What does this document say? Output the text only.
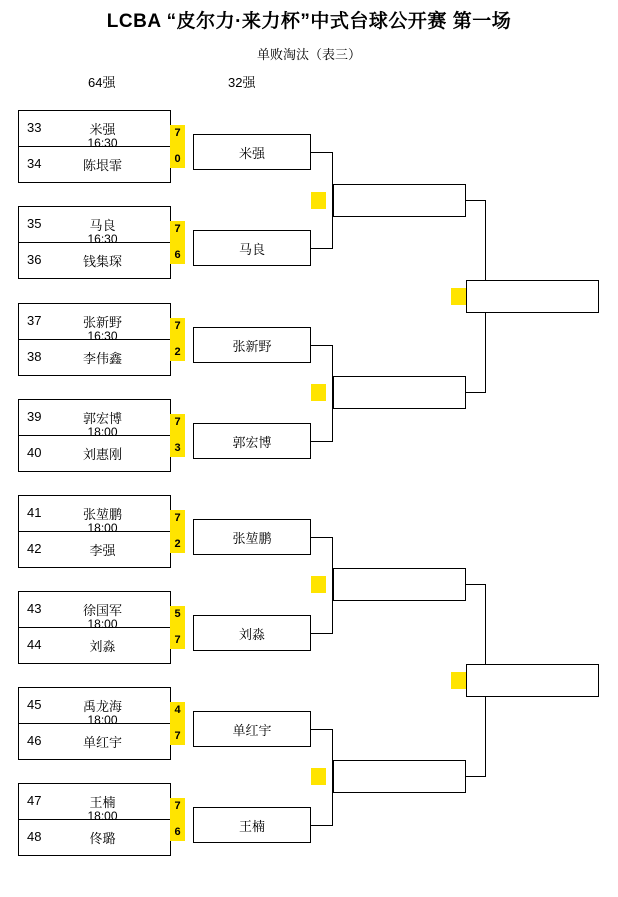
LCBA “皮尔力·来力杯”中式台球公开赛 第一场
单败淘汰（表三）
64强	32强
33	米强
34	陈垠霏
16:30
7
0
35	马良
36	钱集琛
16:30
7
6
37	张新野
38	李伟鑫
16:30
7
2
39	郭宏博
40	刘惠刚
18:00
7
3
41	张堃鹏
42	李强
18:00
7
2
43	徐国军
44	刘淼
18:00
5
7
45	禹龙海
46	单红宇
18:00
4
7
47	王楠
48	佟璐
18:00
7
6
米强
马良
张新野
郭宏博
张堃鹏
刘淼
单红宇
王楠
